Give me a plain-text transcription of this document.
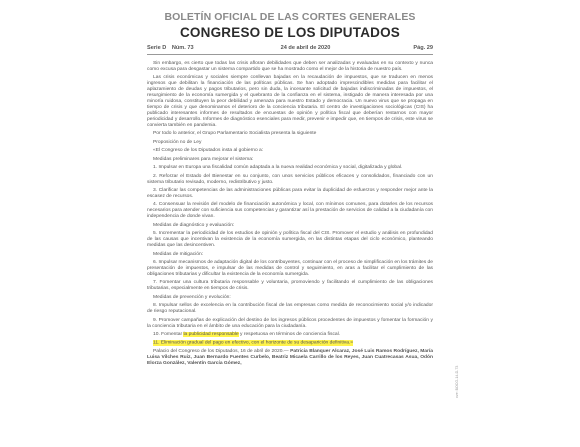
BOLETÍN OFICIAL DE LAS CORTES GENERALES
CONGRESO DE LOS DIPUTADOS
Serie D Núm. 73	24 de abril de 2020	Pág. 29

Sin embargo, es cierto que todas las crisis afloran debilidades que deben ser analizadas y evaluadas en su contexto y nunca como excusa para desgastar un sistema compartido que se ha mostrado como el mejor de la historia de nuestro país.

Las crisis económicas y sociales siempre conllevan bajadas en la recaudación de impuestos, que se traducen en menos ingresos que debilitan la financiación de las políticas públicas. Se han adoptado imprescindibles medidas para facilitar el aplazamiento de deudas y pagos tributarios, pero sin duda, la incesante solicitud de bajadas indiscriminadas de impuestos, el resurgimiento de la economía sumergida y el quebranto de la confianza en el sistema, instigado de manera interesada por una minoría ruidosa, constituyen la peor debilidad y amenaza para nuestro Estado y democracia. Un nuevo virus que se propaga en tiempo de crisis y que denominamos el deterioro de la conciencia tributaria. El centro de investigaciones sociológicas (CIS) ha publicado interesantes informes de resultados de encuestas de opinión y política fiscal que deberían restarnos con mayor periodicidad y desarrollo. Informes de diagnóstico esenciales para medir, prevenir e impedir que, en tiempos de crisis, este virus se convierta también en pandemia.

Por todo lo anterior, el Grupo Parlamentario Socialista presenta la siguiente

Proposición no de Ley

«El Congreso de los Diputados insta al gobierno a:

Medidas preliminares para mejorar el sistema:

1. Impulsar en Europa una fiscalidad común adaptada a la nueva realidad económica y social, digitalizada y global.

2. Reforzar el Estado del Bienestar en su conjunto, con unos servicios públicos eficaces y consolidados, financiado con un sistema tributario revisado, moderno, redistributivo y justo.

3. Clarificar las competencias de las administraciones públicas para evitar la duplicidad de esfuerzos y responder mejor ante la escasez de recursos.

4. Consensuar la revisión del modelo de financiación autonómica y local, con mínimos comunes, para dotarles de los recursos necesarios para atender con suficiencia sus competencias y garantizar así la prestación de servicios de calidad a la ciudadanía con independencia de donde vivan.

Medidas de diagnóstico y evaluación:

5. Incrementar la periodicidad de los estudios de opinión y política fiscal del CIS. Promover el estudio y análisis en profundidad de las causas que incentivan la existencia de la economía sumergida, en las distintas etapas del ciclo económico, planteando medidas que las desincentiven.

Medidas de mitigación:

6. Impulsar mecanismos de adaptación digital de los contribuyentes, continuar con el proceso de simplificación en los trámites de presentación de impuestos, e impulsar de las medidas de control y seguimiento, en aras a facilitar el cumplimiento de las obligaciones tributarias y dificultar la existencia de la economía sumergida.

7. Fomentar una cultura tributaria responsable y voluntaria, promoviendo y facilitando el cumplimiento de las obligaciones tributarias, especialmente en tiempos de crisis.

Medidas de prevención y evolución:

8. Impulsar sellos de excelencia en la contribución fiscal de las empresas como medida de reconocimiento social y/o indicador de riesgo reputacional.

9. Promover campañas de explicación del destino de los ingresos públicos procedentes de impuestos y fomentar la formación y la conciencia tributaria en el ámbito de una educación para la ciudadanía.

10. Fomentar la publicidad responsable y respetuosa en términos de conciencia fiscal.

11. Eliminación gradual del pago en efectivo, con el horizonte de su desaparición definitiva.»

Palacio del Congreso de los Diputados, 16 de abril de 2020.— Patricia Blanquer Alcaraz, José Luis Ramos Rodríguez, María Luisa Vilches Ruiz, Juan Bernardo Fuentes Curbelo, Beatriz Micaela Carrillo de los Reyes, Juan Cuatrecasas Asua, Odón Elorza González, Valentín García Gómez,

cve: BOCG-14-D-73
